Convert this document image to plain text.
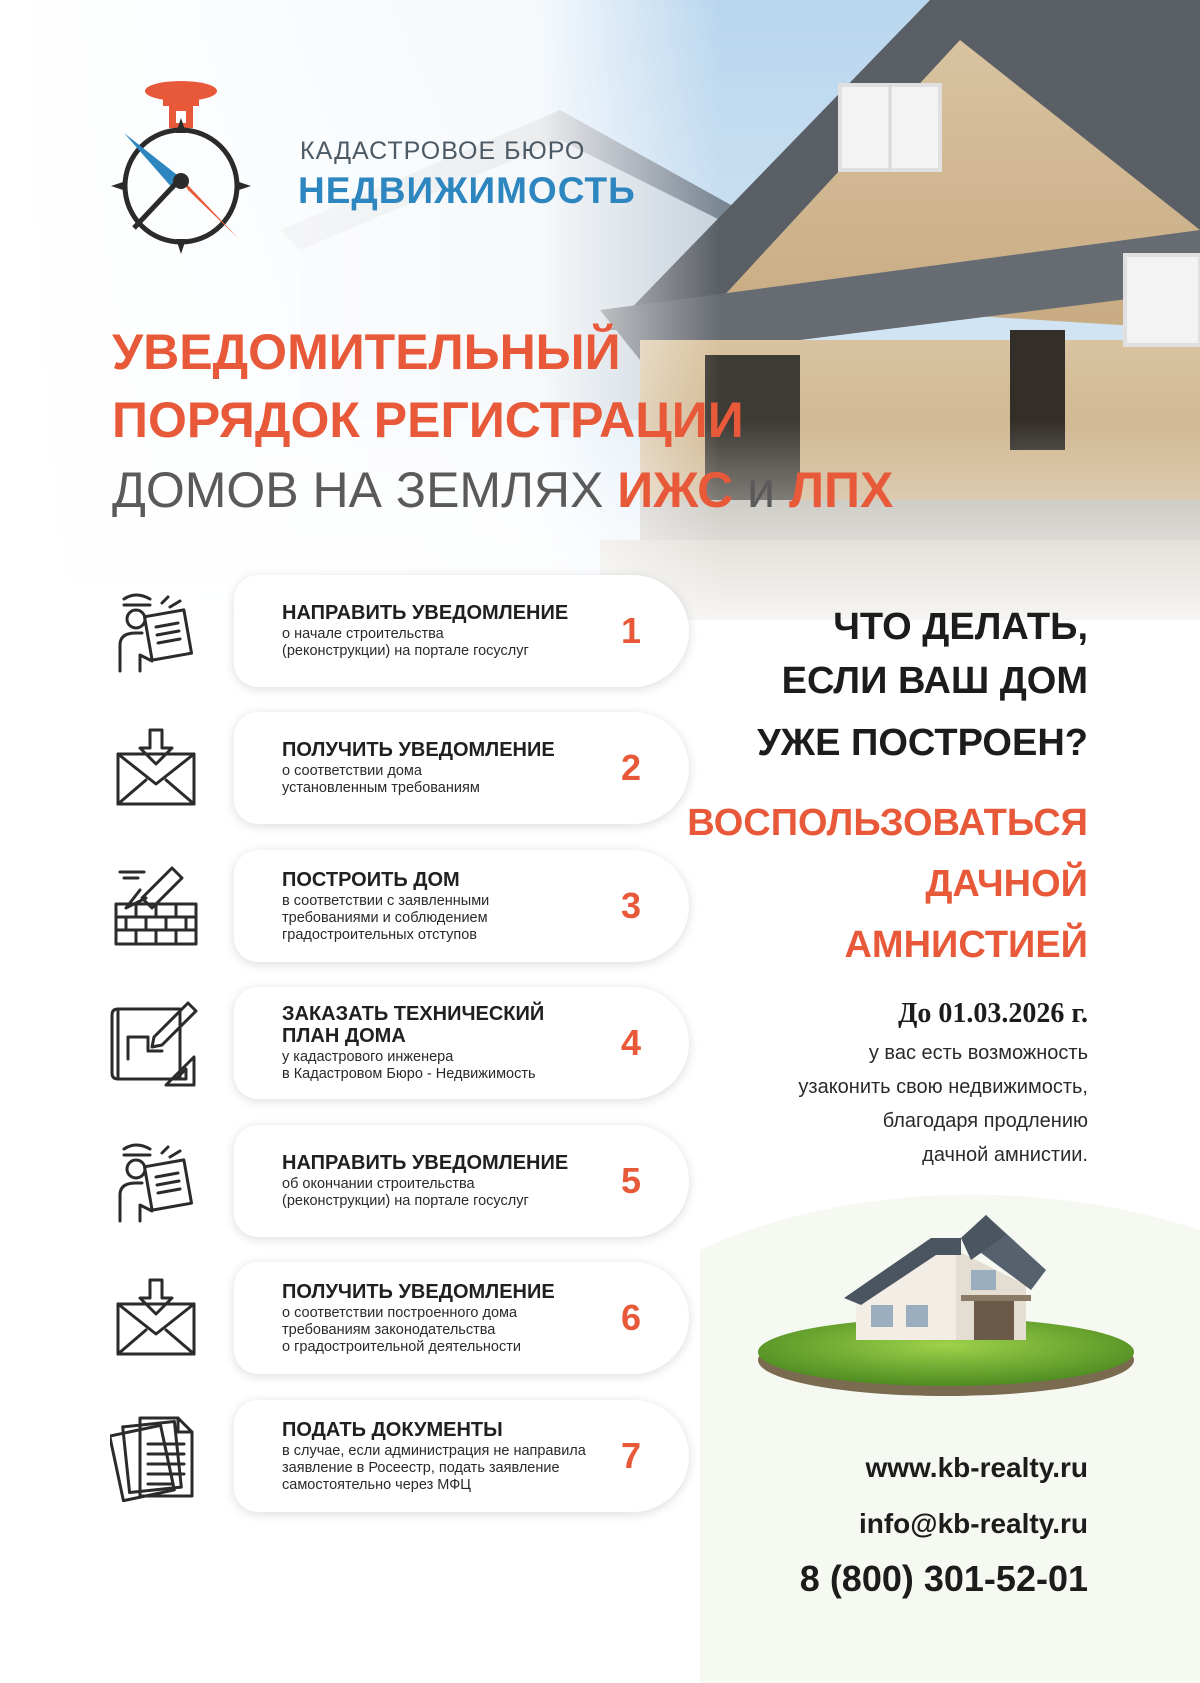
КАДАСТРОВОЕ БЮРО
НЕДВИЖИМОСТЬ
УВЕДОМИТЕЛЬНЫЙ
ПОРЯДОК РЕГИСТРАЦИИ
ДОМОВ НА ЗЕМЛЯХ ИЖС и ЛПХ
НАПРАВИТЬ УВЕДОМЛЕНИЕ
о начале строительства
(реконструкции) на портале госуслуг	1
ПОЛУЧИТЬ УВЕДОМЛЕНИЕ
о соответствии дома
установленным требованиям	2
ПОСТРОИТЬ ДОМ
в соответствии с заявленными
требованиями и соблюдением
градостроительных отступов
3
ЗАКАЗАТЬ ТЕХНИЧЕСКИЙ ПЛАН ДОМА
у кадастрового инженера
в Кадастровом Бюро - Недвижимость
4
НАПРАВИТЬ УВЕДОМЛЕНИЕ
об окончании строительства
(реконструкции) на портале госуслуг	5
ПОЛУЧИТЬ УВЕДОМЛЕНИЕ
о соответствии построенного дома
требованиям законодательства
о градостроительной деятельности
6
ПОДАТЬ ДОКУМЕНТЫ
в случае, если администрация не направила
заявление в Росеестр, подать заявление
самостоятельно через МФЦ
7
ЧТО ДЕЛАТЬ,
ЕСЛИ ВАШ ДОМ
УЖЕ ПОСТРОЕН?
ВОСПОЛЬЗОВАТЬСЯ
ДАЧНОЙ
АМНИСТИЕЙ
До 01.03.2026 г.
у вас есть возможность
узаконить свою недвижимость,
благодаря продлению
дачной амнистии.
www.kb-realty.ru
info@kb-realty.ru
8 (800) 301-52-01
